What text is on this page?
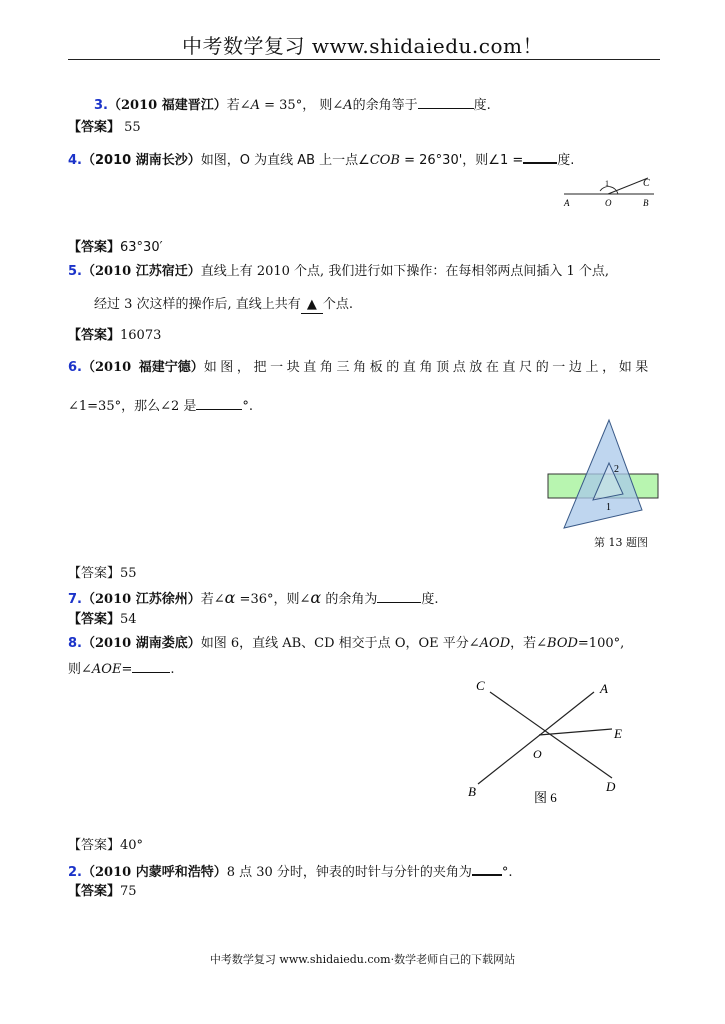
中考数学复习 www.shidaiedu.com！
3.（2010 福建晋江）若∠A = 35°， 则∠A的余角等于	度.
【答案】 55
4.（2010 湖南长沙）如图，O 为直线 AB 上一点∠COB = 26°30'，则∠1 =	度.
1	C
A	O	B
【答案】63°30′
5.（2010 江苏宿迁）直线上有 2010 个点, 我们进行如下操作：在每相邻两点间插入 1 个点,
经过 3 次这样的操作后, 直线上共有 ▲ 个点.
【答案】16073
6.（2010 福建宁德）如图，把一块直角三角板的直角顶点放在直尺的一边上，如果
∠1=35°，那么∠2 是	°.
2
1
第 13 题图
【答案】55
7.（2010 江苏徐州）若∠α =36°，则∠α 的余角为	度.
【答案】54
8.（2010 湖南娄底）如图 6，直线 AB、CD 相交于点 O，OE 平分∠AOD，若∠BOD=100°,
则∠AOE=	.
C	A
E
O
B	D
图 6
【答案】40°
2.（2010 内蒙呼和浩特）8 点 30 分时，钟表的时针与分针的夹角为 °.
【答案】75
中考数学复习 www.shidaiedu.com·数学老师自己的下载网站
